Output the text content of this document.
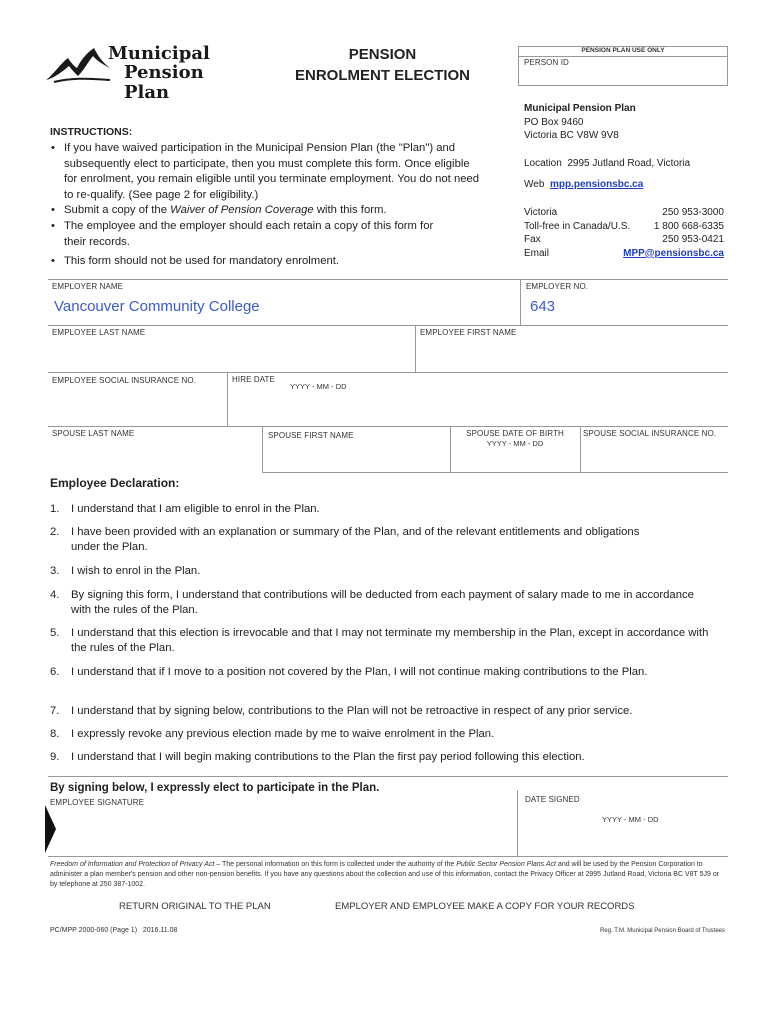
Municipal
Pension Plan
PENSION
ENROLMENT ELECTION
PENSION PLAN USE ONLY
PERSON ID
Municipal Pension Plan
PO Box 9460
Victoria BC V8W 9V8
Location 2995 Jutland Road, Victoria
Web mpp.pensionsbc.ca
Victoria	250 953-3000
Toll-free in Canada/U.S. 1 800 668-6335
Fax	250 953-0421
Email	MPP@pensionsbc.ca
INSTRUCTIONS:
• If you have waived participation in the Municipal Pension Plan (the "Plan") and subsequently elect to participate, then you must complete this form. Once eligible for enrolment, you remain eligible until you terminate employment. You do not need to re-qualify. (See page 2 for eligibility.)
• Submit a copy of the Waiver of Pension Coverage with this form.
• The employee and the employer should each retain a copy of this form for their records.
• This form should not be used for mandatory enrolment.
EMPLOYER NAME
Vancouver Community College
EMPLOYER NO.
643
EMPLOYEE LAST NAME	EMPLOYEE FIRST NAME
EMPLOYEE SOCIAL INSURANCE NO.	HIRE DATE
YYYY - MM - DD
SPOUSE LAST NAME	SPOUSE FIRST NAME	SPOUSE DATE OF BIRTH
YYYY - MM - DD
SPOUSE SOCIAL INSURANCE NO.
Employee Declaration:
1.	I understand that I am eligible to enrol in the Plan.
2.	I have been provided with an explanation or summary of the Plan, and of the relevant entitlements and obligations under the Plan.
3.	I wish to enrol in the Plan.
4.	By signing this form, I understand that contributions will be deducted from each payment of salary made to me in accordance with the rules of the Plan.
5.	I understand that this election is irrevocable and that I may not terminate my membership in the Plan, except in accordance with the rules of the Plan.
6.	I understand that if I move to a position not covered by the Plan, I will not continue making contributions to the Plan.
7.	I understand that by signing below, contributions to the Plan will not be retroactive in respect of any prior service.
8.	I expressly revoke any previous election made by me to waive enrolment in the Plan.
9.	I understand that I will begin making contributions to the Plan the first pay period following this election.
By signing below, I expressly elect to participate in the Plan.
EMPLOYEE SIGNATURE	DATE SIGNED
YYYY - MM - DD
Freedom of Information and Protection of Privacy Act – The personal information on this form is collected under the authority of the Public Sector Pension Plans Act and will be used by the Pension Corporation to administer a plan member's pension and other non-pension benefits. If you have any questions about the collection and use of this information, contact the Privacy Officer at 2995 Jutland Road, Victoria BC V8T 5J9 or by telephone at 250 387-1002.
RETURN ORIGINAL TO THE PLAN	EMPLOYER AND EMPLOYEE MAKE A COPY FOR YOUR RECORDS
PC/MPP 2000-060 (Page 1)   2016.11.08	Reg. T.M. Municipal Pension Board of Trustees
